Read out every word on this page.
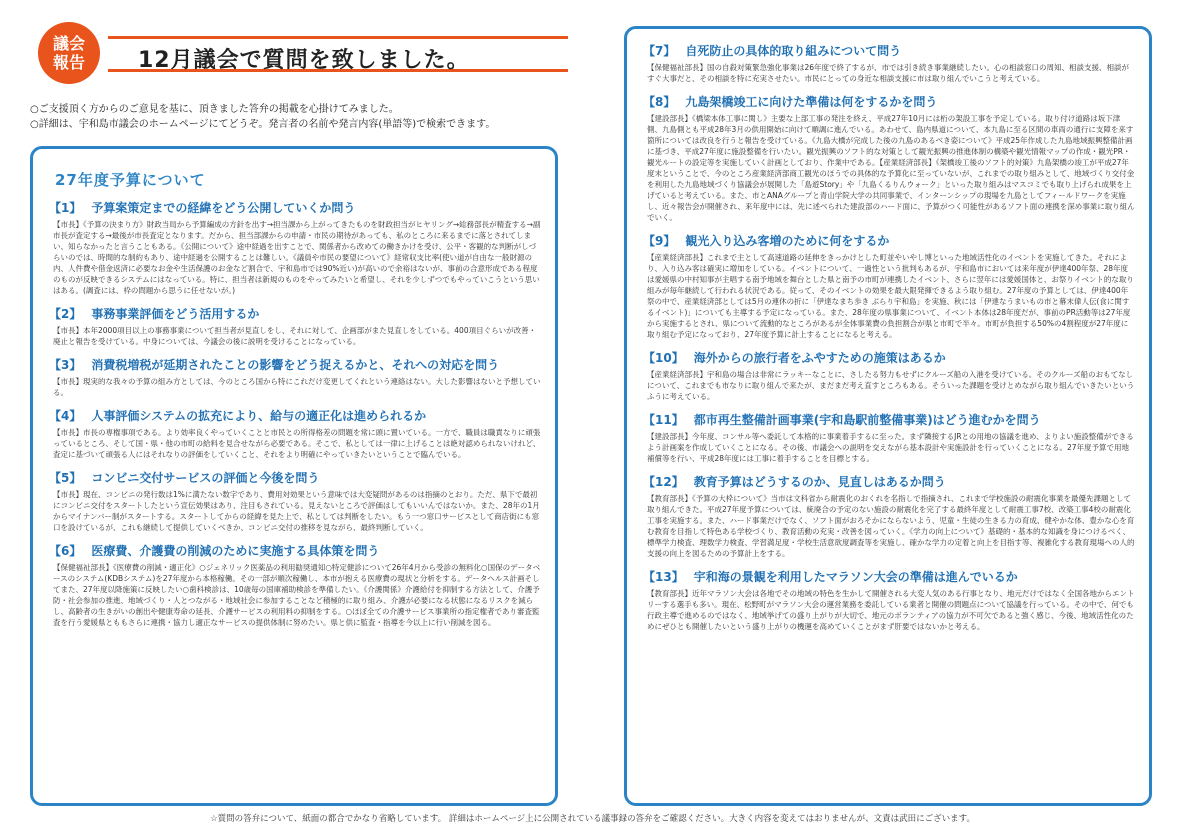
議会
報告	12月議会で質問を致しました。
○ご支援頂く方からのご意見を基に、頂きました答弁の掲載を心掛けてみました。
○詳細は、宇和島市議会のホームページにてどうぞ。発言者の名前や発言内容(単語等)で検索できます。
27年度予算について
【1】 予算案策定までの経緯をどう公開していくか問う
【市長】《予算の決まり方》財政当局から予算編成の方針を出す→担当課から上がってきたものを財政担当がヒヤリング→総務部長が精査する→副市長が査定する→最後が市長査定となります。だから、担当部課からの申請・市民の期待があっても、私のところに来るまでに落とされてしまい、知らなかったと言うこともある。《公開について》途中経過を出すことで、関係者から改めての働きかけを受け、公平・客観的な判断がしづらいのでは、時間的な制約もあり、途中経過を公開することは難しい。《議員や市民の要望について》経常収支比率(使い道が自由な一般財源の内、人件費や借金返済に必要なお金や生活保護のお金など割合で、宇和島市では90%近い)が高いので余裕はないが、事前の合意形成である程度のものが反映できるシステムにはなっている。特に、担当者は新規のものをやってみたいと希望し、それを少しずつでもやっていこうという思いはある。(調査には、枠の問題から思うに任せないが。)
【2】 事務事業評価をどう活用するか
【市長】本年2000項目以上の事務事業について担当者が見直しをし、それに対して、企画部がまた見直しをしている。400項目ぐらいが改善・廃止と報告を受けている。中身については、今議会の後に説明を受けることになっている。
【3】 消費税増税が延期されたことの影響をどう捉えるかと、それへの対応を問う
【市長】現実的な我々の予算の組み方としては、今のところ国から特にこれだけ変更してくれという連絡はない。大した影響はないと予想している。
【4】 人事評価システムの拡充により、給与の適正化は進められるか
【市長】市長の専権事項である。より効率良くやっていくことと市民との所得格差の問題を常に頭に置いている。一方で、職員は職責なりに頑張っているところ、そして国・県・他の市町の給料を見合せながら必要である。そこで、私としては一律に上げることは絶対認められないけれど、査定に基づいて頑張る人にはそれなりの評価をしていくこと、それをより明確にやっていきたいということで臨んでいる。
【5】 コンビニ交付サービスの評価と今後を問う
【市長】現在、コンビニの発行数は1%に満たない数字であり、費用対効果という意味では大変疑問があるのは指摘のとおり。ただ、県下で最初にコンビニ交付をスタートしたという宣伝効果はあり、注目もされている。見えないところで評価はしてもいいんではないか。また、28年の1月からマイナンバー制がスタートする。スタートしてからの経緯を見た上で、私としては判断をしたい。もう一つ窓口サービスとして商店街にも窓口を設けているが、これも継続して提供していくべきか、コンビニ交付の推移を見ながら、最終判断していく。
【6】 医療費、介護費の削減のために実施する具体策を問う
【保健福祉部長】《医療費の削減・適正化》○ジェネリック医薬品の利用勧奨通知○特定健診について26年4月から受診の無料化○国保のデータベースのシステム(KDBシステム)を27年度から本格稼働。その一部が順次稼働し、本市が抱える医療費の現状と分析をする。データヘルス計画そしてまた、27年度以降施策に反映したい○歯科検診は、10歳毎の国庫補助検診を準備したい。《介護関係》介護給付を抑制する方法として、介護予防・社会参加の推進、地域づくり・人とつながる・地域社会に参加することなど積極的に取り組み、介護が必要になる状態になるリスクを減らし、高齢者の生きがいの創出や健康寿命の延長、介護サービスの利用料の抑制をする。○ほぼ全ての介護サービス事業所の指定権者であり審査監査を行う愛媛県とももさらに連携・協力し適正なサービスの提供体制に努めたい。県と供に監査・指導を今以上に行い削減を図る。
【7】 自死防止の具体的取り組みについて問う
【保健福祉部長】国の自殺対策緊急強化事業は26年度で終了するが、市では引き続き事業継続したい。心の相談窓口の周知、相談支援、相談がすぐ大事だと、その相談を特に充実させたい。市民にとっての身近な相談支援に市は取り組んでいこうと考えている。
【8】 九島架橋竣工に向けた準備は何をするかを問う
【建設部長】《橋梁本体工事に関し》主要な上部工事の発注を終え、平成27年10月には桁の架設工事を予定している。取り付け道路は坂下津側、九島側とも平成28年3月の供用開始に向けて順調に進んでいる。あわせて、島内県道について、本九島に至る区間の車両の通行に支障を来す箇所については改良を行うと報告を受けている。《九島大橋が完成した後の九島のあるべき姿について》平成25年作成した九島地域振興整備計画に基づき、平成27年度に施設整備を行いたい。観光振興のソフト的な対策として観光振興の推進体制の構築や観光情報マップの作成・観光PR・観光ルートの設定等を実施していく計画としており、作業中である。【産業経済部長】《架橋竣工後のソフト的対策》九島架橋の竣工が平成27年度末ということで、今のところ産業経済部商工観光のほうでの具体的な予算化に至っていないが、これまでの取り組みとして、地域づくり交付金を利用した九島地域づくり協議会が展開した「島遊Story」や「九島くるりんウォーク」といった取り組みはマスコミでも取り上げられ成果を上げていると考えている。また、市とANAグループと青山学院大学の共同事業で、インターンシップの現場を九島としてフィールドワークを実施し、近々報告会が開催され、来年度中には、先に述べられた建設部のハード面に、予算がつく可能性があるソフト面の連携を深め事業に取り組んでいく。
【9】 観光入り込み客増のために何をするか
【産業経済部長】これまで主として高速道路の延伸をきっかけとした町並やいやし博といった地域活性化のイベントを実施してきた。それにより、入り込み客は確実に増加をしている。イベントについて、一過性という批判もあるが、宇和島市においては来年度が伊達400年祭、28年度は愛媛県の中村知事が主唱する南予地域を舞台とした県と南予の市町が連携したイベント、さらに翌年には愛媛国体と、お祭りイベント的な取り組みが毎年継続して行われる状況である。従って、そのイベントの効果を最大限発揮できるよう取り組む。27年度の予算としては、伊達400年祭の中で、産業経済部としては5月の連休の折に「伊達なまち歩き ぶらり宇和島」を実施、秋には「伊達なうまいもの市と幕末偉人伝(食に関するイベント)」についても主導する予定になっている。また、28年度の県事業について、イベント本体は28年度だが、事前のPR活動等は27年度から実施するとされ、県について流動的なところがあるが全体事業費の負担割合が県と市町で半々。市町が負担する50%の4割程度が27年度に取り組む予定になっており、27年度予算に計上することになると考える。
【10】 海外からの旅行者をふやすための施策はあるか
【産業経済部長】宇和島の場合は非常にラッキーなことに、さしたる努力もせずにクルーズ船の入港を受けている。そのクルーズ船のおもてなしについて、これまでも市なりに取り組んで来たが、まだまだ考え直すところもある。そういった課題を受けとめながら取り組んでいきたいというふうに考えている。
【11】 都市再生整備計画事業(宇和島駅前整備事業)はどう進むかを問う
【建設部長】今年度、コンサル等へ委託して本格的に事業着手するに至った。まず隣接するJRとの用地の協議を進め、よりよい施設整備ができるよう計画案を作成していくことになる。その後、市議会への説明を交えながら基本設計や実施設計を行っていくことになる。27年度予算で用地補償等を行い、平成28年度には工事に着手することを目標とする。
【12】 教育予算はどうするのか、見直しはあるか問う
【教育部長】《予算の大枠について》当市は文科省から耐震化のおくれを名指しで指摘され、これまで学校施設の耐震化事業を最優先課題として取り組んできた。平成27年度予算については、統廃合の予定のない施設の耐震化を完了する最終年度として耐震工事7校、改築工事4校の耐震化工事を実施する。また、ハード事業だけでなく、ソフト面がおろそかにならないよう、児童・生徒の生きる力の育成、健やかな体、豊かな心を育む教育を目指して特色ある学校づくり、教育活動の充実・改善を図っていく。《学力の向上について》基礎的・基本的な知識を身につけるべく、標準学力検査、理数学力検査、学習満足度・学校生活意欲度調査等を実施し、確かな学力の定着と向上を目指す等、複雑化する教育現場への人的支援の向上を図るための予算計上をする。
【13】 宇和海の景観を利用したマラソン大会の準備は進んでいるか
【教育部長】近年マラソン大会は各地でその地域の特色を生かして開催される大変人気のある行事となり、地元だけではなく全国各地からエントリーする選手も多い。現在、松野町がマラソン大会の運営業務を委託している業者と開催の問題点について協議を行っている。その中で、何でも行政主導で進めるのではなく、地域挙げての盛り上がりが大切で、地元のボランティアの協力が不可欠であると強く感じ、今後、地域活性化のためにぜひとも開催したいという盛り上がりの機運を高めていくことがまず肝要ではないかと考える。
☆質問の答弁について、紙面の都合でかなり省略しています。 詳細はホームページ上に公開されている議事録の答弁をご確認ください。大きく内容を変えてはおりませんが、文責は武田にございます。
